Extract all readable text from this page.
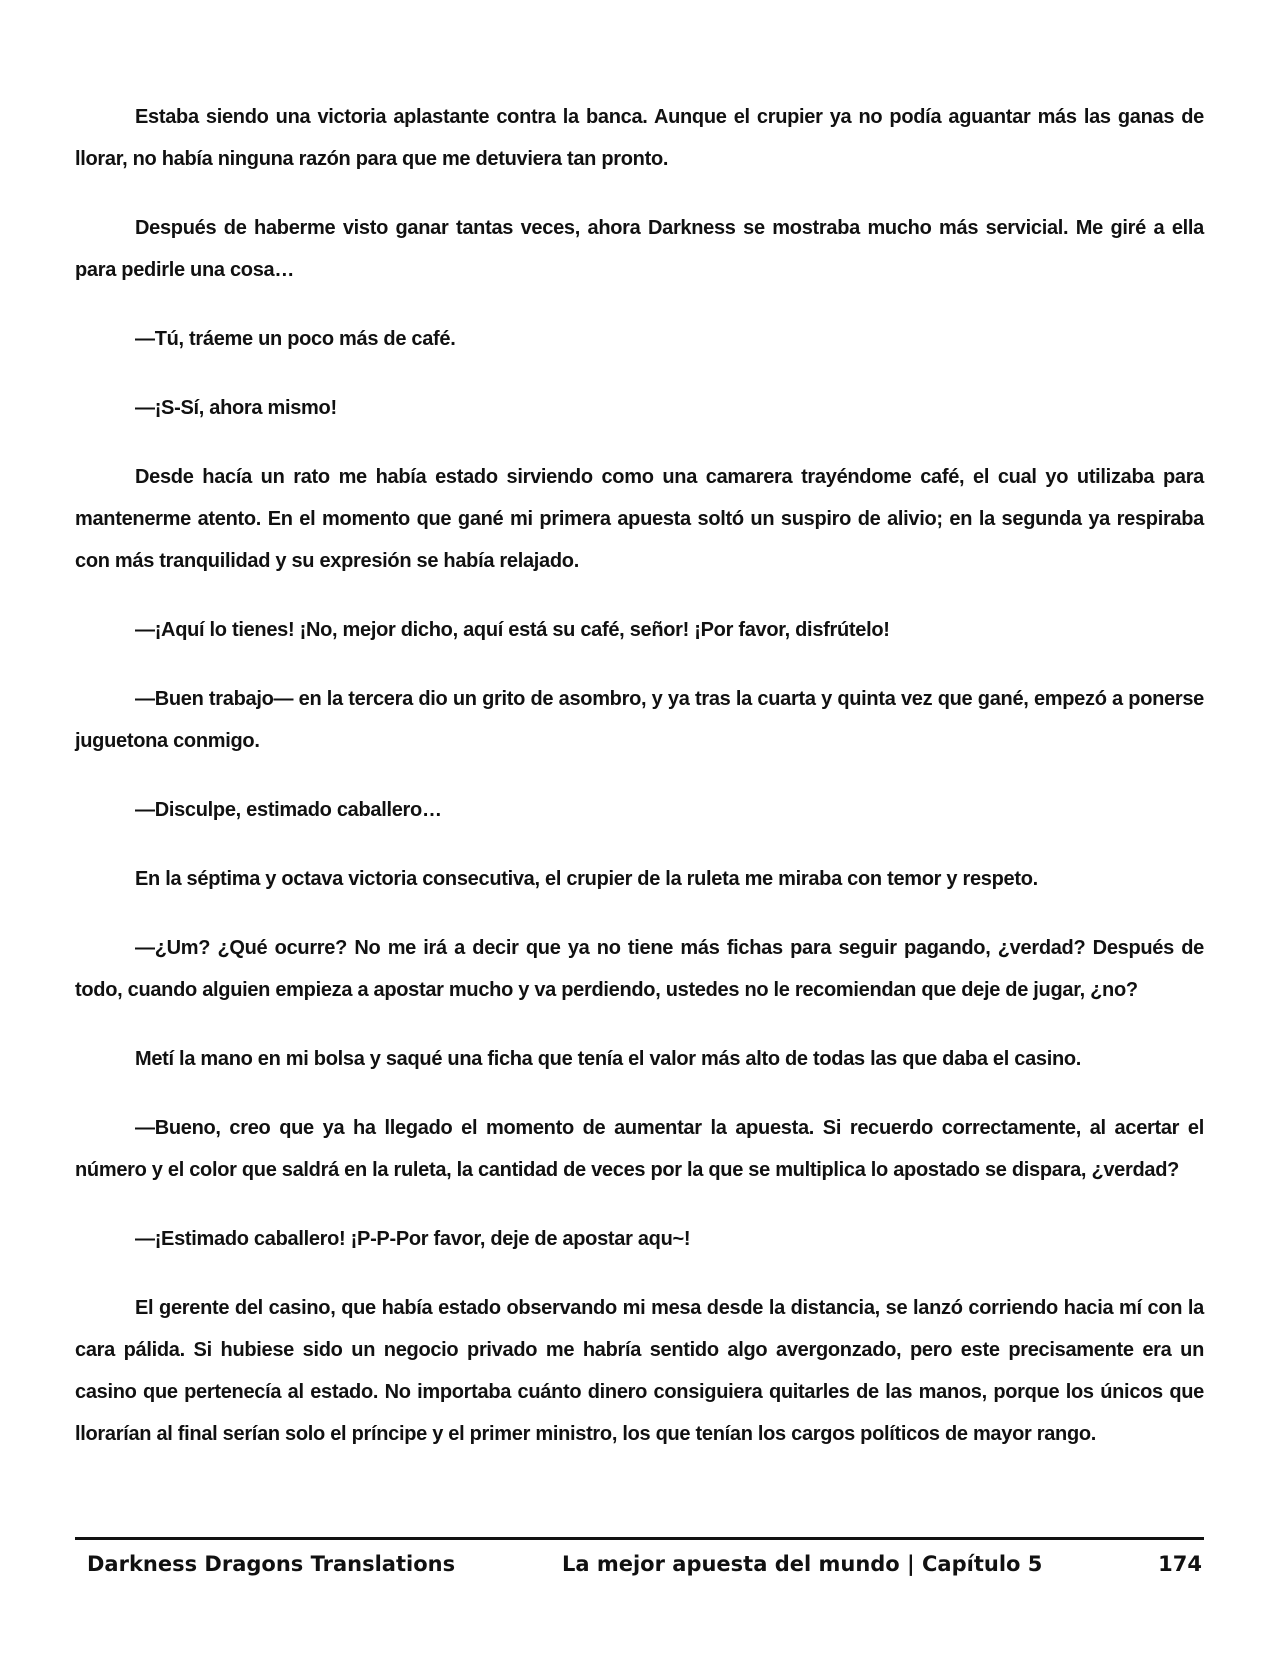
Estaba siendo una victoria aplastante contra la banca. Aunque el crupier ya no podía aguantar más las ganas de llorar, no había ninguna razón para que me detuviera tan pronto.

Después de haberme visto ganar tantas veces, ahora Darkness se mostraba mucho más servicial. Me giré a ella para pedirle una cosa…

—Tú, tráeme un poco más de café.

—¡S-Sí, ahora mismo!

Desde hacía un rato me había estado sirviendo como una camarera trayéndome café, el cual yo utilizaba para mantenerme atento. En el momento que gané mi primera apuesta soltó un suspiro de alivio; en la segunda ya respiraba con más tranquilidad y su expresión se había relajado.

—¡Aquí lo tienes! ¡No, mejor dicho, aquí está su café, señor! ¡Por favor, disfrútelo!

—Buen trabajo— en la tercera dio un grito de asombro, y ya tras la cuarta y quinta vez que gané, empezó a ponerse juguetona conmigo.

—Disculpe, estimado caballero…

En la séptima y octava victoria consecutiva, el crupier de la ruleta me miraba con temor y respeto.

—¿Um? ¿Qué ocurre? No me irá a decir que ya no tiene más fichas para seguir pagando, ¿verdad? Después de todo, cuando alguien empieza a apostar mucho y va perdiendo, ustedes no le recomiendan que deje de jugar, ¿no?

Metí la mano en mi bolsa y saqué una ficha que tenía el valor más alto de todas las que daba el casino.

—Bueno, creo que ya ha llegado el momento de aumentar la apuesta. Si recuerdo correctamente, al acertar el número y el color que saldrá en la ruleta, la cantidad de veces por la que se multiplica lo apostado se dispara, ¿verdad?

—¡Estimado caballero! ¡P-P-Por favor, deje de apostar aqu~!

El gerente del casino, que había estado observando mi mesa desde la distancia, se lanzó corriendo hacia mí con la cara pálida. Si hubiese sido un negocio privado me habría sentido algo avergonzado, pero este precisamente era un casino que pertenecía al estado. No importaba cuánto dinero consiguiera quitarles de las manos, porque los únicos que llorarían al final serían solo el príncipe y el primer ministro, los que tenían los cargos políticos de mayor rango.

Darkness Dragons Translations	La mejor apuesta del mundo | Capítulo 5	174
